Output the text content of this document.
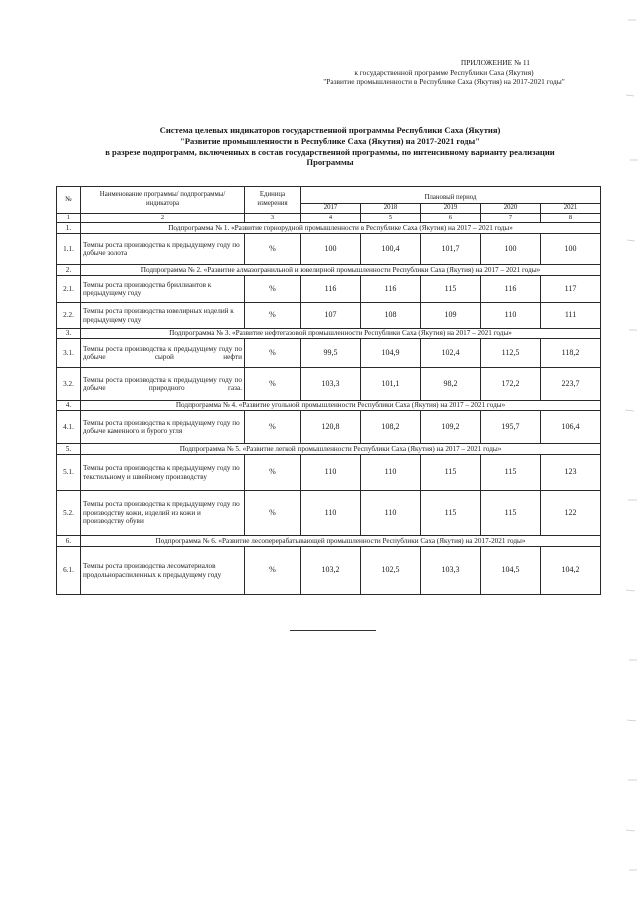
ПРИЛОЖЕНИЕ № 11
к государственной программе Республики Саха (Якутия)
"Развитие промышленности в Республике Саха (Якутия) на 2017-2021 годы"
Система целевых индикаторов государственной программы Республики Саха (Якутия)
"Развитие промышленности в Республике Саха (Якутия) на 2017-2021 годы"
в разрезе подпрограмм, включенных в состав государственной программы, по интенсивному варианту реализации
Программы
№	Наименование программы/ подпрограммы/ индикатора	Единица измерения	Плановый период				
			2017	2018	2019	2020	2021
1	2	3	4	5	6	7	8
1.	Подпрограмма № 1. «Развитие горнорудной промышленности в Республике Саха (Якутия) на 2017 – 2021 годы»						
1.1.	Темпы роста производства к предыдущему году по добыче золота	%	100	100,4	101,7	100	100
2.	Подпрограмма № 2. «Развитие алмазогранильной и ювелирной промышленности Республики Саха (Якутия) на 2017 – 2021 годы»						
2.1.	Темпы роста производства бриллиантов к предыдущему году	%	116	116	115	116	117
2.2.	Темпы роста производства ювелирных изделий к предыдущему году	%	107	108	109	110	111
3.	Подпрограмма № 3. «Развитие нефтегазовой промышленности Республики Саха (Якутия) на 2017 – 2021 годы»						
3.1.	Темпы роста производства к предыдущему году по добыче сырой нефти	%	99,5	104,9	102,4	112,5	118,2
3.2.	Темпы роста производства к предыдущему году по добыче природного газа.	%	103,3	101,1	98,2	172,2	223,7
4.	Подпрограмма № 4. «Развитие угольной промышленности Республики Саха (Якутия) на 2017 – 2021 годы»						
4.1.	Темпы роста производства к предыдущему году по добыче каменного и бурого угля	%	120,8	108,2	109,2	195,7	106,4
5.	Подпрограмма № 5. «Развитие легкой промышленности Республики Саха (Якутия) на 2017 – 2021 годы»						
5.1.	Темпы роста производства к предыдущему году по текстильному и швейному производству	%	110	110	115	115	123
5.2.	Темпы роста производства к предыдущему году по производству кожи, изделий из кожи и производству обуви	%	110	110	115	115	122
6.	Подпрограмма № 6. «Развитие лесоперерабатывающей промышленности Республики Саха (Якутия) на 2017-2021 годы»						
6.1.	Темпы роста производства лесоматериалов продольнораспиленных к предыдущему году	%	103,2	102,5	103,3	104,5	104,2
